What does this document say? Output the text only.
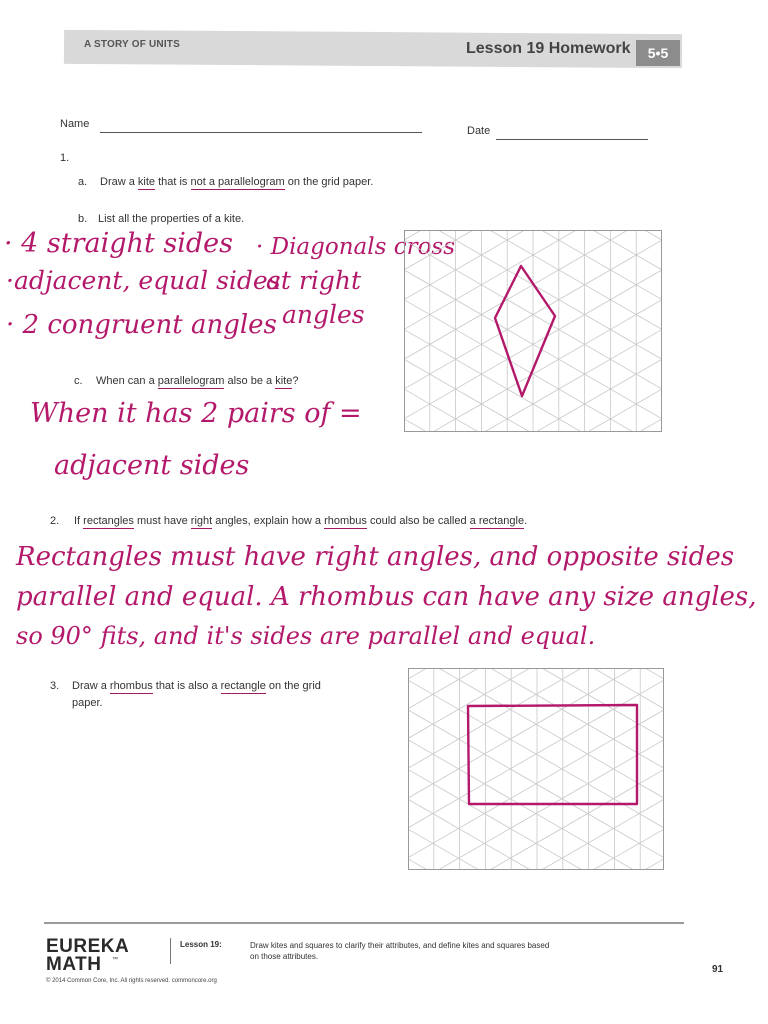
A STORY OF UNITS	Lesson 19 Homework	5•5
Name
Date
1.
a. Draw a kite that is not a parallelogram on the grid paper.
b. List all the properties of a kite.
· 4 straight sides
·adjacent, equal sides
· 2 congruent angles
· Diagonals cross
at right
angles
c. When can a parallelogram also be a kite?
When it has 2 pairs of =
adjacent sides
2. If rectangles must have right angles, explain how a rhombus could also be called a rectangle.
Rectangles must have right angles, and opposite sides
parallel and equal. A rhombus can have any size angles,
so 90° fits, and it's sides are parallel and equal.
3. Draw a rhombus that is also a rectangle on the grid
paper.
EUREKA
MATH ™
Lesson 19:	Draw kites and squares to clarify their attributes, and define kites and squares based on those attributes.
© 2014 Common Core, Inc. All rights reserved. commoncore.org
91
